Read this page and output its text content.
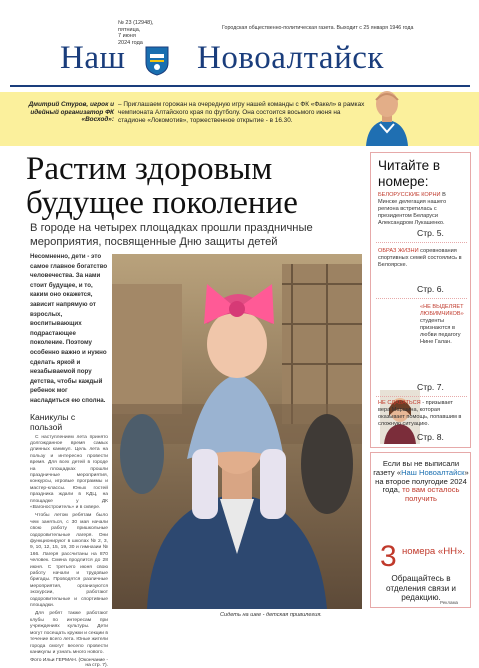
№ 23 (12948),
пятница,
7 июня
2024 года
Городская общественно-политическая газета. Выходит с 25 января 1946 года
Наш Новоалтайск
Дмитрий Стуров, игрок и идейный организатор ФК «Восход»:
– Приглашаем горожан на очередную игру нашей команды с ФК «Факел» в рамках чемпионата Алтайского края по футболу. Она состоится восьмого июня на стадионе «Локомотив», торжественное открытие - в 16.30.
Растим здоровым будущее поколение
В городе на четырех площадках прошли праздничные мероприятия, посвященные Дню защиты детей
Несомненно, дети - это самое главное богатство человечества. За нами стоит будущее, и то, каким оно окажется, зависит напрямую от взрослых, воспитывающих подрастающее поколение. Поэтому особенно важно и нужно сделать яркой и незабываемой пору детства, чтобы каждый ребенок мог насладиться ею сполна.
Каникулы с пользой

С наступлением лета принято долгожданное время самых длинных каникул. Цель лета на пользу и интересно провести время. Для всех детей в городе на площадках прошли праздничные мероприятия, конкурсы, игровые программы и мастер-классы. Юных гостей праздника ждали в КДЦ, на площадке у ДК «Вагоностроитель» и в сквере.

Чтобы летом ребятам было чем заняться, с 30 мая начали свою работу пришкольные оздоровительные лагеря. Они функционируют в школах № 2, 3, 9, 10, 12, 15, 19, 30 и гимназии № 166. Лагеря рассчитаны на 870 человек. Смена продлится до 28 июня. С третьего июня свою работу начали и трудовые бригады. Проводятся различные мероприятия, организуются экскурсии, работают оздоровительные и спортивные площадки.

Для ребят также работают клубы по интересам при учреждениях культуры. Дети могут посещать кружки и секции в течение всего лета. Юные жители города смогут весело провести каникулы и узнать много нового.

Фото Ильи ГЕРМАН. (Окончание - на стр. 7).
Сидеть на шее - детская привилегия.
Читайте в номере:
БЕЛОРУССКИЕ КОРНИ В Минске делегация нашего региона встретилась с президентом Беларуси Александром Лукашенко.
Стр. 5.
ОБРАЗ ЖИЗНИ соревнования спортивных семей состоялись в Белоярске.
Стр. 6.
«НЕ ВЫДЕЛЯЕТ ЛЮБИМЧИКОВ» студенты признаются в любви педагогу Нине Галан.
Стр. 7.
НЕ СДАВАТЬСЯ - призывает вера Маршина, которая оказывает помощь, попавшим в сложную ситуацию.
Стр. 8.
Если вы не выписали газету «Наш Новоалтайск» на второе полугодие 2024 года, то вам осталось получить
3 номера «НН».
Обращайтесь в отделения связи и редакцию.
Реклама
